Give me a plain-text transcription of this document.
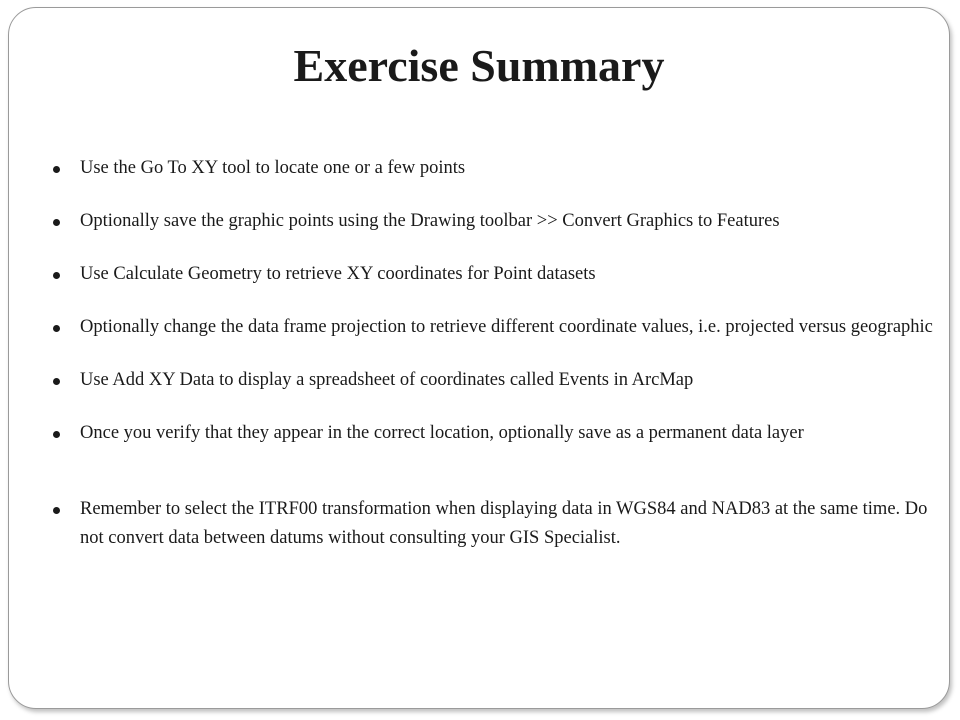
Exercise Summary
Use the Go To XY tool to locate one or a few points
Optionally save the graphic points using the Drawing toolbar >> Convert Graphics to Features
Use Calculate Geometry to retrieve XY coordinates for Point datasets
Optionally change the data frame projection to retrieve different coordinate values, i.e. projected versus geographic
Use Add XY Data to display a spreadsheet of coordinates called Events in ArcMap
Once you verify that they appear in the correct location, optionally save as a permanent data layer
Remember to select the ITRF00 transformation when displaying data in WGS84 and NAD83 at the same time. Do not convert data between datums without consulting your GIS Specialist.
